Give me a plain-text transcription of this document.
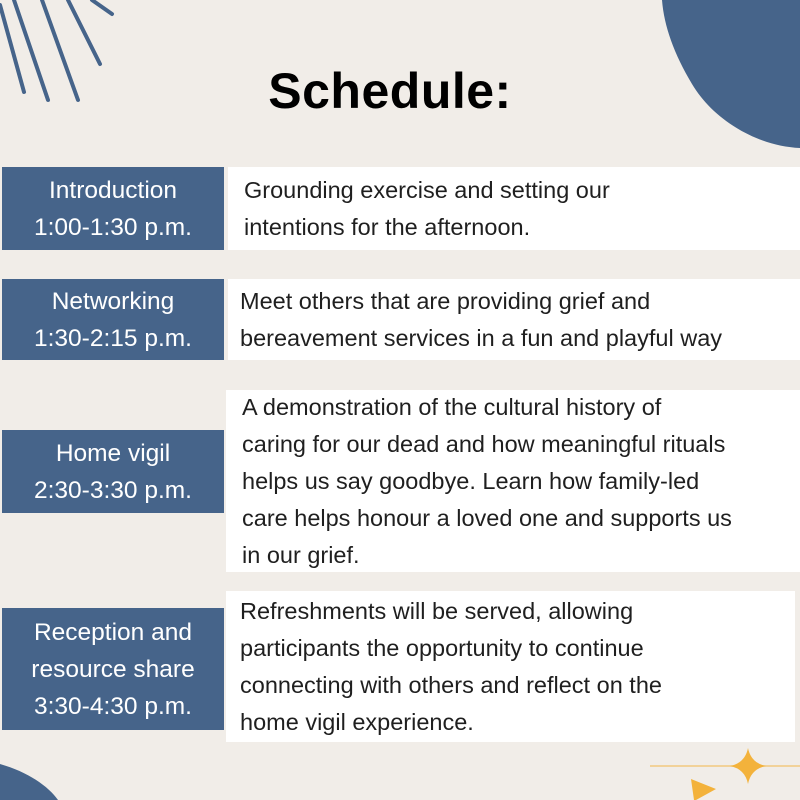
Schedule:
Introduction
1:00-1:30 p.m.
Grounding exercise and setting our
intentions for the afternoon.
Networking
1:30-2:15 p.m.
Meet others that are providing grief and
bereavement services in a fun and playful way
Home vigil
2:30-3:30 p.m.
A demonstration of the cultural history of
caring for our dead and how meaningful rituals
helps us say goodbye. Learn how family-led
care helps honour a loved one and supports us
in our grief.
Reception and
resource share
3:30-4:30 p.m.
Refreshments will be served, allowing
participants the opportunity to continue
connecting with others and reflect on the
home vigil experience.
